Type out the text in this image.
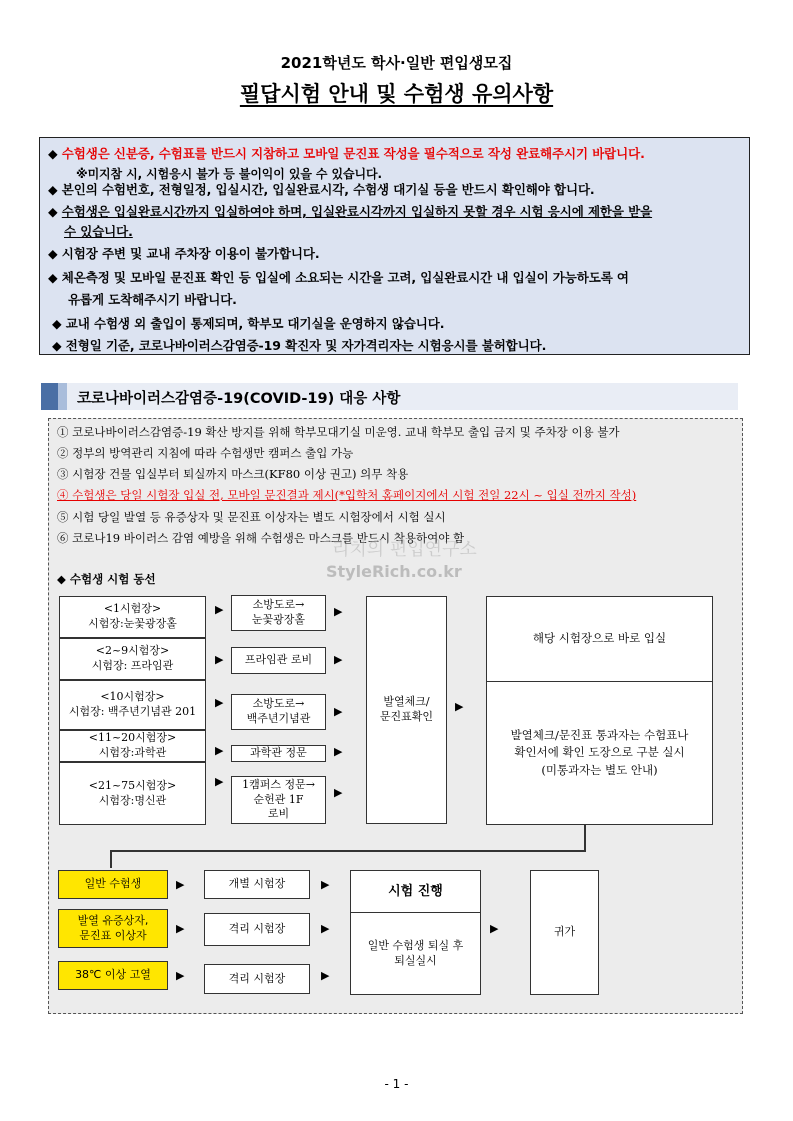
2021학년도 학사·일반 편입생모집
필답시험 안내 및 수험생 유의사항
◆ 수험생은 신분증, 수험표를 반드시 지참하고 모바일 문진표 작성을 필수적으로 작성 완료해주시기 바랍니다.
※미지참 시, 시험응시 불가 등 불이익이 있을 수 있습니다.
◆ 본인의 수험번호, 전형일정, 입실시간, 입실완료시각, 수험생 대기실 등을 반드시 확인해야 합니다.
◆ 수험생은 입실완료시간까지 입실하여야 하며, 입실완료시각까지 입실하지 못할 경우 시험 응시에 제한을 받을
수 있습니다.
◆ 시험장 주변 및 교내 주차장 이용이 불가합니다.
◆ 체온측정 및 모바일 문진표 확인 등 입실에 소요되는 시간을 고려, 입실완료시간 내 입실이 가능하도록 여
유롭게 도착해주시기 바랍니다.
◆ 교내 수험생 외 출입이 통제되며, 학부모 대기실을 운영하지 않습니다.
◆ 전형일 기준, 코로나바이러스감염증-19 확진자 및 자가격리자는 시험응시를 불허합니다.
코로나바이러스감염증-19(COVID-19) 대응 사항
① 코로나바이러스감염증-19 확산 방지를 위해 학부모대기실 미운영. 교내 학부모 출입 금지 및 주차장 이용 불가
② 정부의 방역관리 지침에 따라 수험생만 캠퍼스 출입 가능
③ 시험장 건물 입실부터 퇴실까지 마스크(KF80 이상 권고) 의무 착용
④ 수험생은 당일 시험장 입실 전, 모바일 문진결과 제시(*입학처 홈페이지에서 시험 전일 22시 ~ 입실 전까지 작성)
⑤ 시험 당일 발열 등 유증상자 및 문진표 이상자는 별도 시험장에서 시험 실시
⑥ 코로나19 바이러스 감염 예방을 위해 수험생은 마스크를 반드시 착용하여야 함
리치의 편입연구소
StyleRich.co.kr
◆ 수험생 시험 동선
<1시험장>
시험장:눈꽃광장홀
<2~9시험장>
시험장: 프라임관
<10시험장>
시험장: 백주년기념관 201
<11~20시험장>
시험장:과학관
<21~75시험장>
시험장:명신관
▶
▶
▶
▶
▶
소방도로→
눈꽃광장홀
프라임관 로비
소방도로→
백주년기념관
과학관 정문
1캠퍼스 정문→
순헌관 1F
로비
▶
▶
▶
▶
▶
발열체크/
문진표확인
▶
해당 시험장으로 바로 입실
발열체크/문진표 통과자는 수험표나
확인서에 확인 도장으로 구분 실시
(미통과자는 별도 안내)
일반 수험생
발열 유증상자,
문진표 이상자
38℃ 이상 고열
▶
▶
▶
개별 시험장
격리 시험장
격리 시험장
▶
▶
▶
시험 진행
일반 수험생 퇴실 후
퇴실실시
▶	귀가
- 1 -
